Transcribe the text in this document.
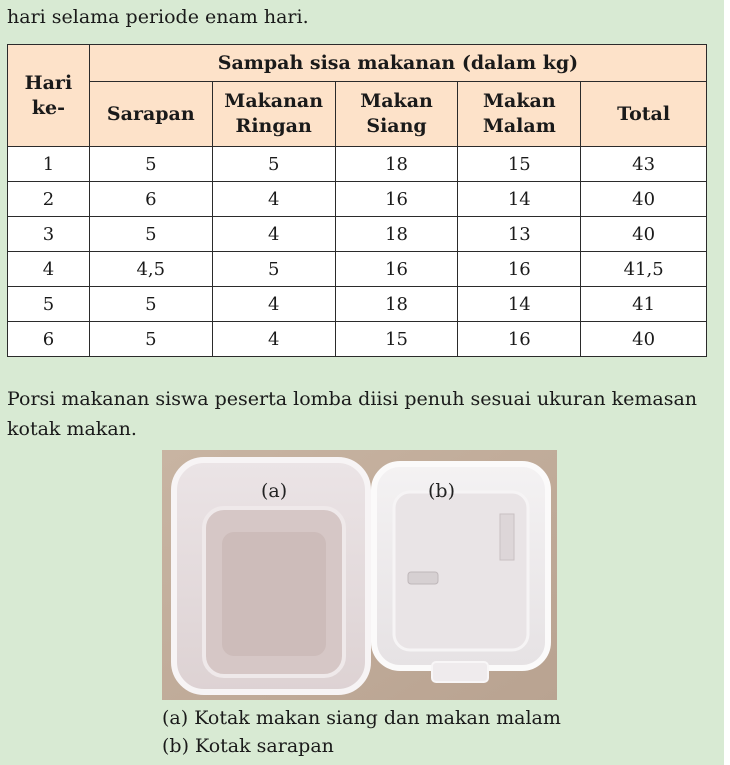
hari selama periode enam hari.
Hari ke-	Sampah sisa makanan (dalam kg)				
	Sarapan	Makanan Ringan	Makan Siang	Makan Malam	Total
1	5	5	18	15	43
2	6	4	16	14	40
3	5	4	18	13	40
4	4,5	5	16	16	41,5
5	5	4	18	14	41
6	5	4	15	16	40
Porsi makanan siswa peserta lomba diisi penuh sesuai ukuran kemasan kotak makan.
(a)	(b)
(a) Kotak makan siang dan makan malam
(b) Kotak sarapan
